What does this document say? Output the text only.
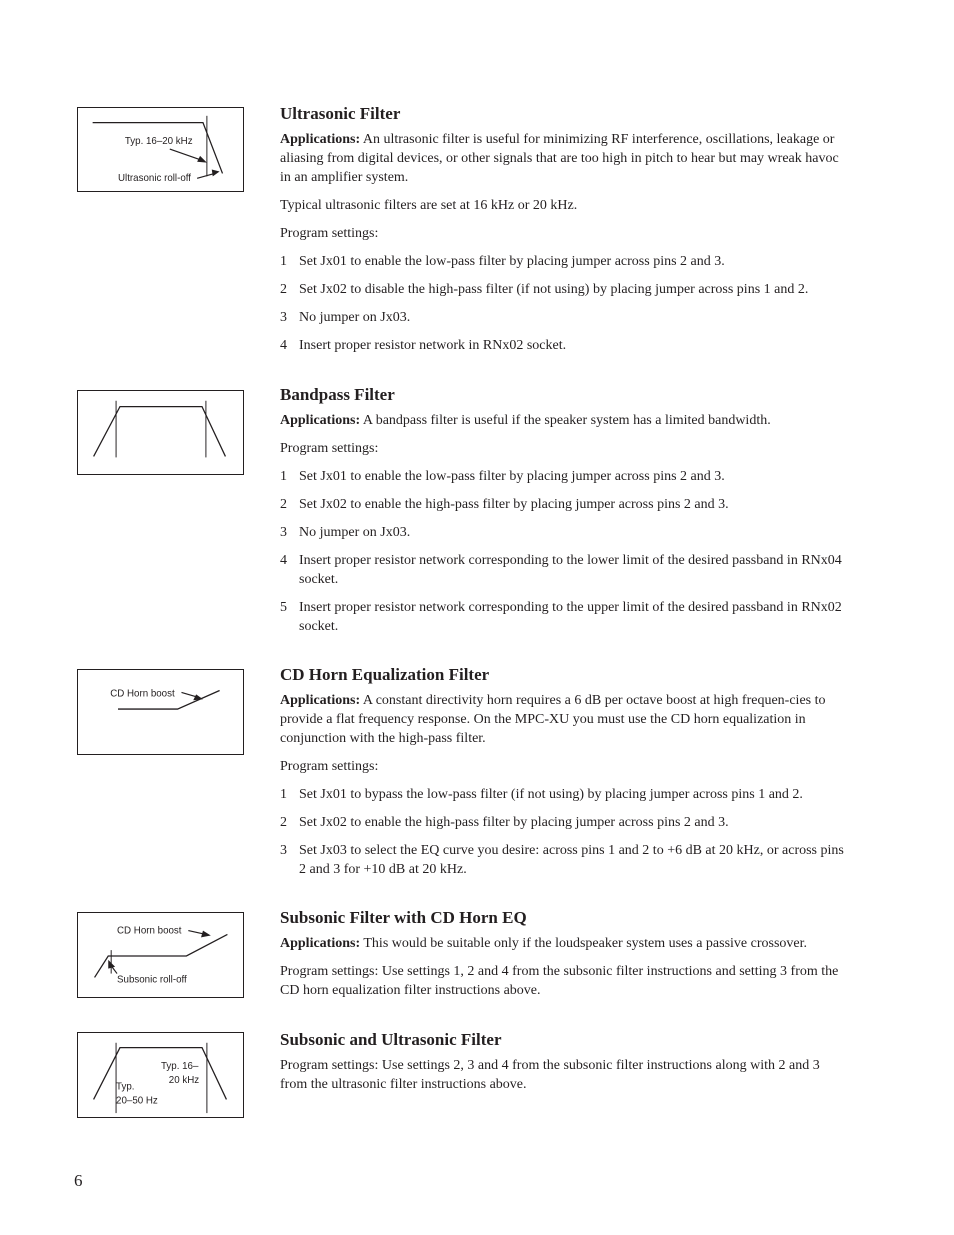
Typ. 16–20 kHz
Ultrasonic roll-off
CD Horn boost
CD Horn boost
Subsonic roll-off
Typ. 16–
20 kHz
Typ.
20–50 Hz
Ultrasonic Filter

Applications: An ultrasonic filter is useful for minimizing RF interference, oscillations, leakage or aliasing from digital devices, or other signals that are too high in pitch to hear but may wreak havoc in an amplifier system.

Typical ultrasonic filters are set at 16 kHz or 20 kHz.

Program settings:

1 Set Jx01 to enable the low-pass filter by placing jumper across pins 2 and 3.
2 Set Jx02 to disable the high-pass filter (if not using) by placing jumper across pins 1 and 2.
3 No jumper on Jx03.
4 Insert proper resistor network in RNx02 socket.
Bandpass Filter

Applications: A bandpass filter is useful if the speaker system has a limited bandwidth.

Program settings:

1 Set Jx01 to enable the low-pass filter by placing jumper across pins 2 and 3.
2 Set Jx02 to enable the high-pass filter by placing jumper across pins 2 and 3.
3 No jumper on Jx03.
4 Insert proper resistor network corresponding to the lower limit of the desired passband in RNx04 socket.
5 Insert proper resistor network corresponding to the upper limit of the desired passband in RNx02 socket.
CD Horn Equalization Filter

Applications: A constant directivity horn requires a 6 dB per octave boost at high frequen-cies to provide a flat frequency response. On the MPC-XU you must use the CD horn equalization in conjunction with the high-pass filter.

Program settings:

1 Set Jx01 to bypass the low-pass filter (if not using) by placing jumper across pins 1 and 2.
2 Set Jx02 to enable the high-pass filter by placing jumper across pins 2 and 3.
3 Set Jx03 to select the EQ curve you desire: across pins 1 and 2 to +6 dB at 20 kHz, or across pins 2 and 3 for +10 dB at 20 kHz.
Subsonic Filter with CD Horn EQ

Applications: This would be suitable only if the loudspeaker system uses a passive crossover.

Program settings: Use settings 1, 2 and 4 from the subsonic filter instructions and setting 3 from the CD horn equalization filter instructions above.

Subsonic and Ultrasonic Filter

Program settings: Use settings 2, 3 and 4 from the subsonic filter instructions along with 2 and 3 from the ultrasonic filter instructions above.

6
